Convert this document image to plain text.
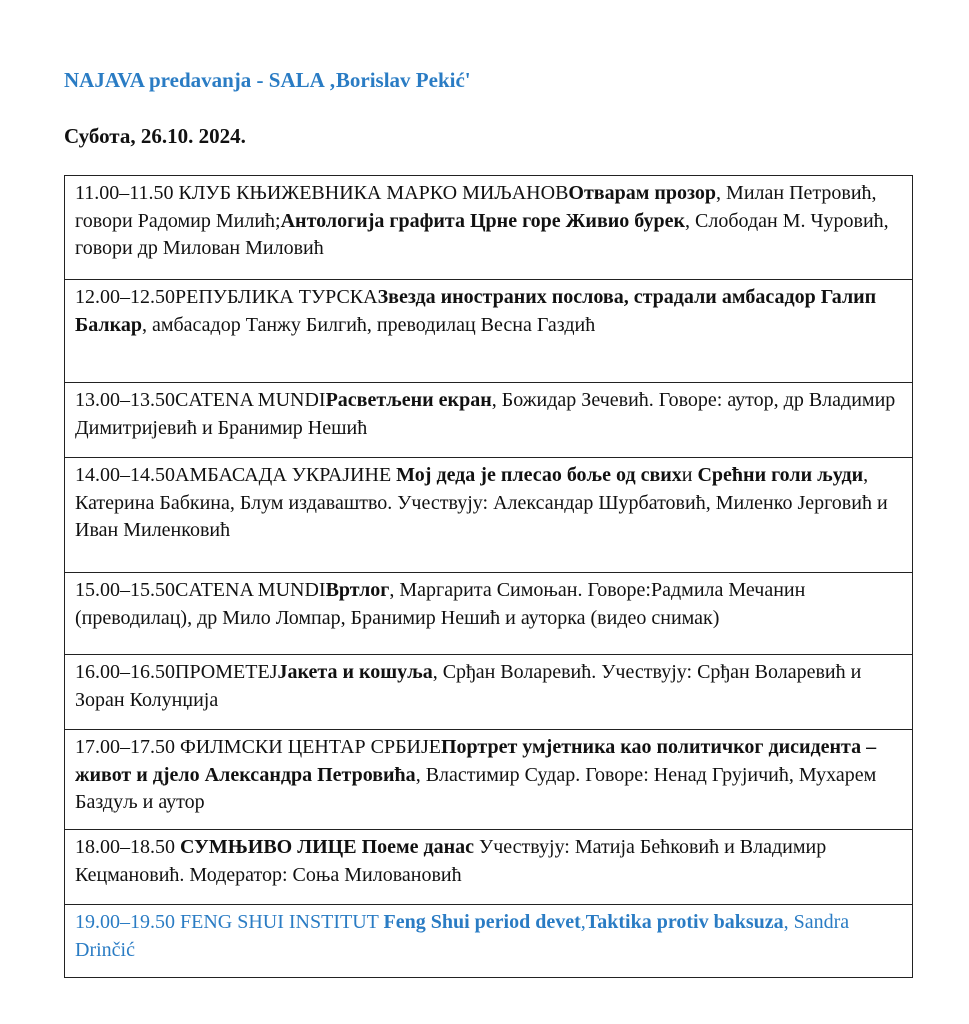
NAJAVA predavanja - SALA ‚Borislav Pekić'
Субота, 26.10. 2024.
11.00–11.50 КЛУБ КЊИЖЕВНИКА МАРКО МИЉАНОВОтварам прозор, Милан Петровић, говори Радомир Милић;Антологија графита Црне горе Живио бурек, Слободан М. Чуровић, говори др Милован Миловић
12.00–12.50РЕПУБЛИКА ТУРСКАЗвезда иностраних послова, страдали амбасадор Галип Балкар, амбасадор Танжу Билгић, преводилац Весна Газдић
13.00–13.50CATENA MUNDIРасветљени екран, Божидар Зечевић. Говоре: аутор, др Владимир Димитријевић и Бранимир Нешић
14.00–14.50АМБАСАДА УКРАЈИНЕ Мој деда је плесао боље од свихи Срећни голи људи, Катерина Бабкина, Блум издаваштво. Учествују: Александар Шурбатовић, Миленко Јерговић и Иван Миленковић
15.00–15.50CATENA MUNDIВртлог, Маргарита Симоњан. Говоре:Радмила Мечанин (преводилац), др Мило Ломпар, Бранимир Нешић и ауторка (видео снимак)
16.00–16.50ПРОМЕТЕЈЈакета и кошуља, Срђан Воларевић. Учествују: Срђан Воларевић и Зоран Колунџија
17.00–17.50 ФИЛМСКИ ЦЕНТАР СРБИЈЕПортрет умјетника као политичког дисидента – живот и дјело Александра Петровића, Властимир Судар. Говоре: Ненад Грујичић, Мухарем Баздуљ и аутор
18.00–18.50 СУМЊИВО ЛИЦЕ Поеме данас Учествују: Матија Бећковић и Владимир Кецмановић. Модератор: Соња Миловановић
19.00–19.50 FENG SHUI INSTITUT Feng Shui period devet,Taktika protiv baksuza, Sandra Drinčić
